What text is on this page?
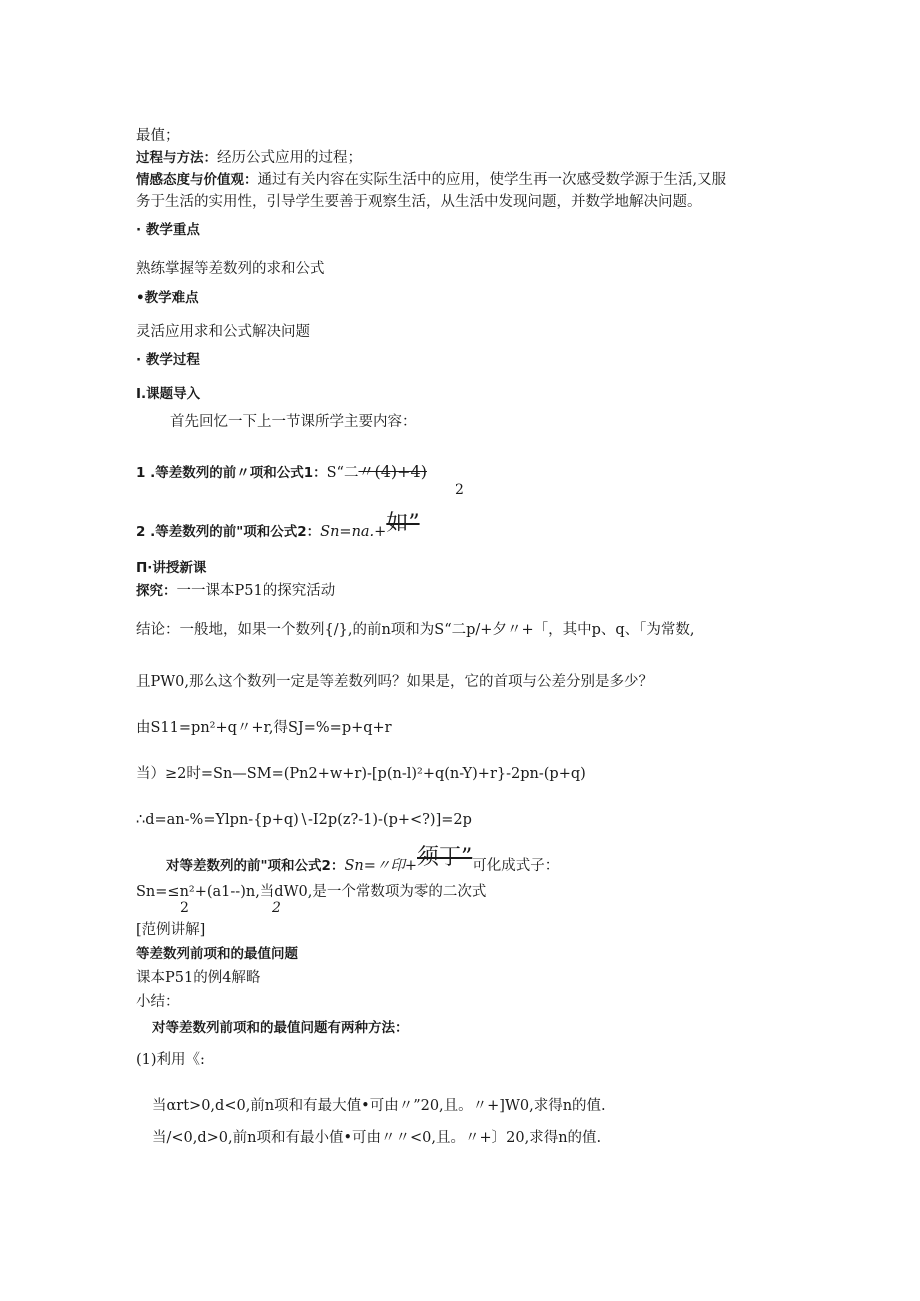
最值；
过程与方法：经历公式应用的过程；
情感态度与价值观：通过有关内容在实际生活中的应用，使学生再一次感受数学源于生活,又服
务于生活的实用性，引导学生要善于观察生活，从生活中发现问题，并数学地解决问题。
· 教学重点
熟练掌握等差数列的求和公式
•教学难点
灵活应用求和公式解决问题
· 教学过程
I.课题导入
首先回忆一下上一节课所学主要内容：
1 .等差数列的前〃项和公式1：S“二〃(4)+4)
2
2 .等差数列的前"项和公式2：Sn=na.+如”
П·讲授新课
探究：一一课本P51的探究活动
结论：一般地，如果一个数列{/},的前n项和为S“二p/+夕〃+「，其中p、q、「为常数,
且PW0,那么这个数列一定是等差数列吗？如果是，它的首项与公差分别是多少？
由S11=pn²+q〃+r,得SJ=%=p+q+r
当）≥2时=Sn—SM=(Pn2+w+r)-[p(n-l)²+q(n-Y)+r}-2pn-(p+q)
∴d=an-%=Ylpn-{p+q)∖-I2p(z?-1)-(p+<?)]=2p
对等差数列的前"项和公式2：Sn=〃印+须丁”可化成式子：
Sn=≤n²+(a1--)n,当dW0,是一个常数项为零的二次式
2	2
[范例讲解]
等差数列前项和的最值问题
课本P51的例4解略
小结：
对等差数列前项和的最值问题有两种方法：
(1)利用《:
当αrt>0,d<0,前n项和有最大值•可由〃”20,且。〃+]W0,求得n的值.
当/<0,d>0,前n项和有最小值•可由〃〃<0,且。〃+〕20,求得n的值.
